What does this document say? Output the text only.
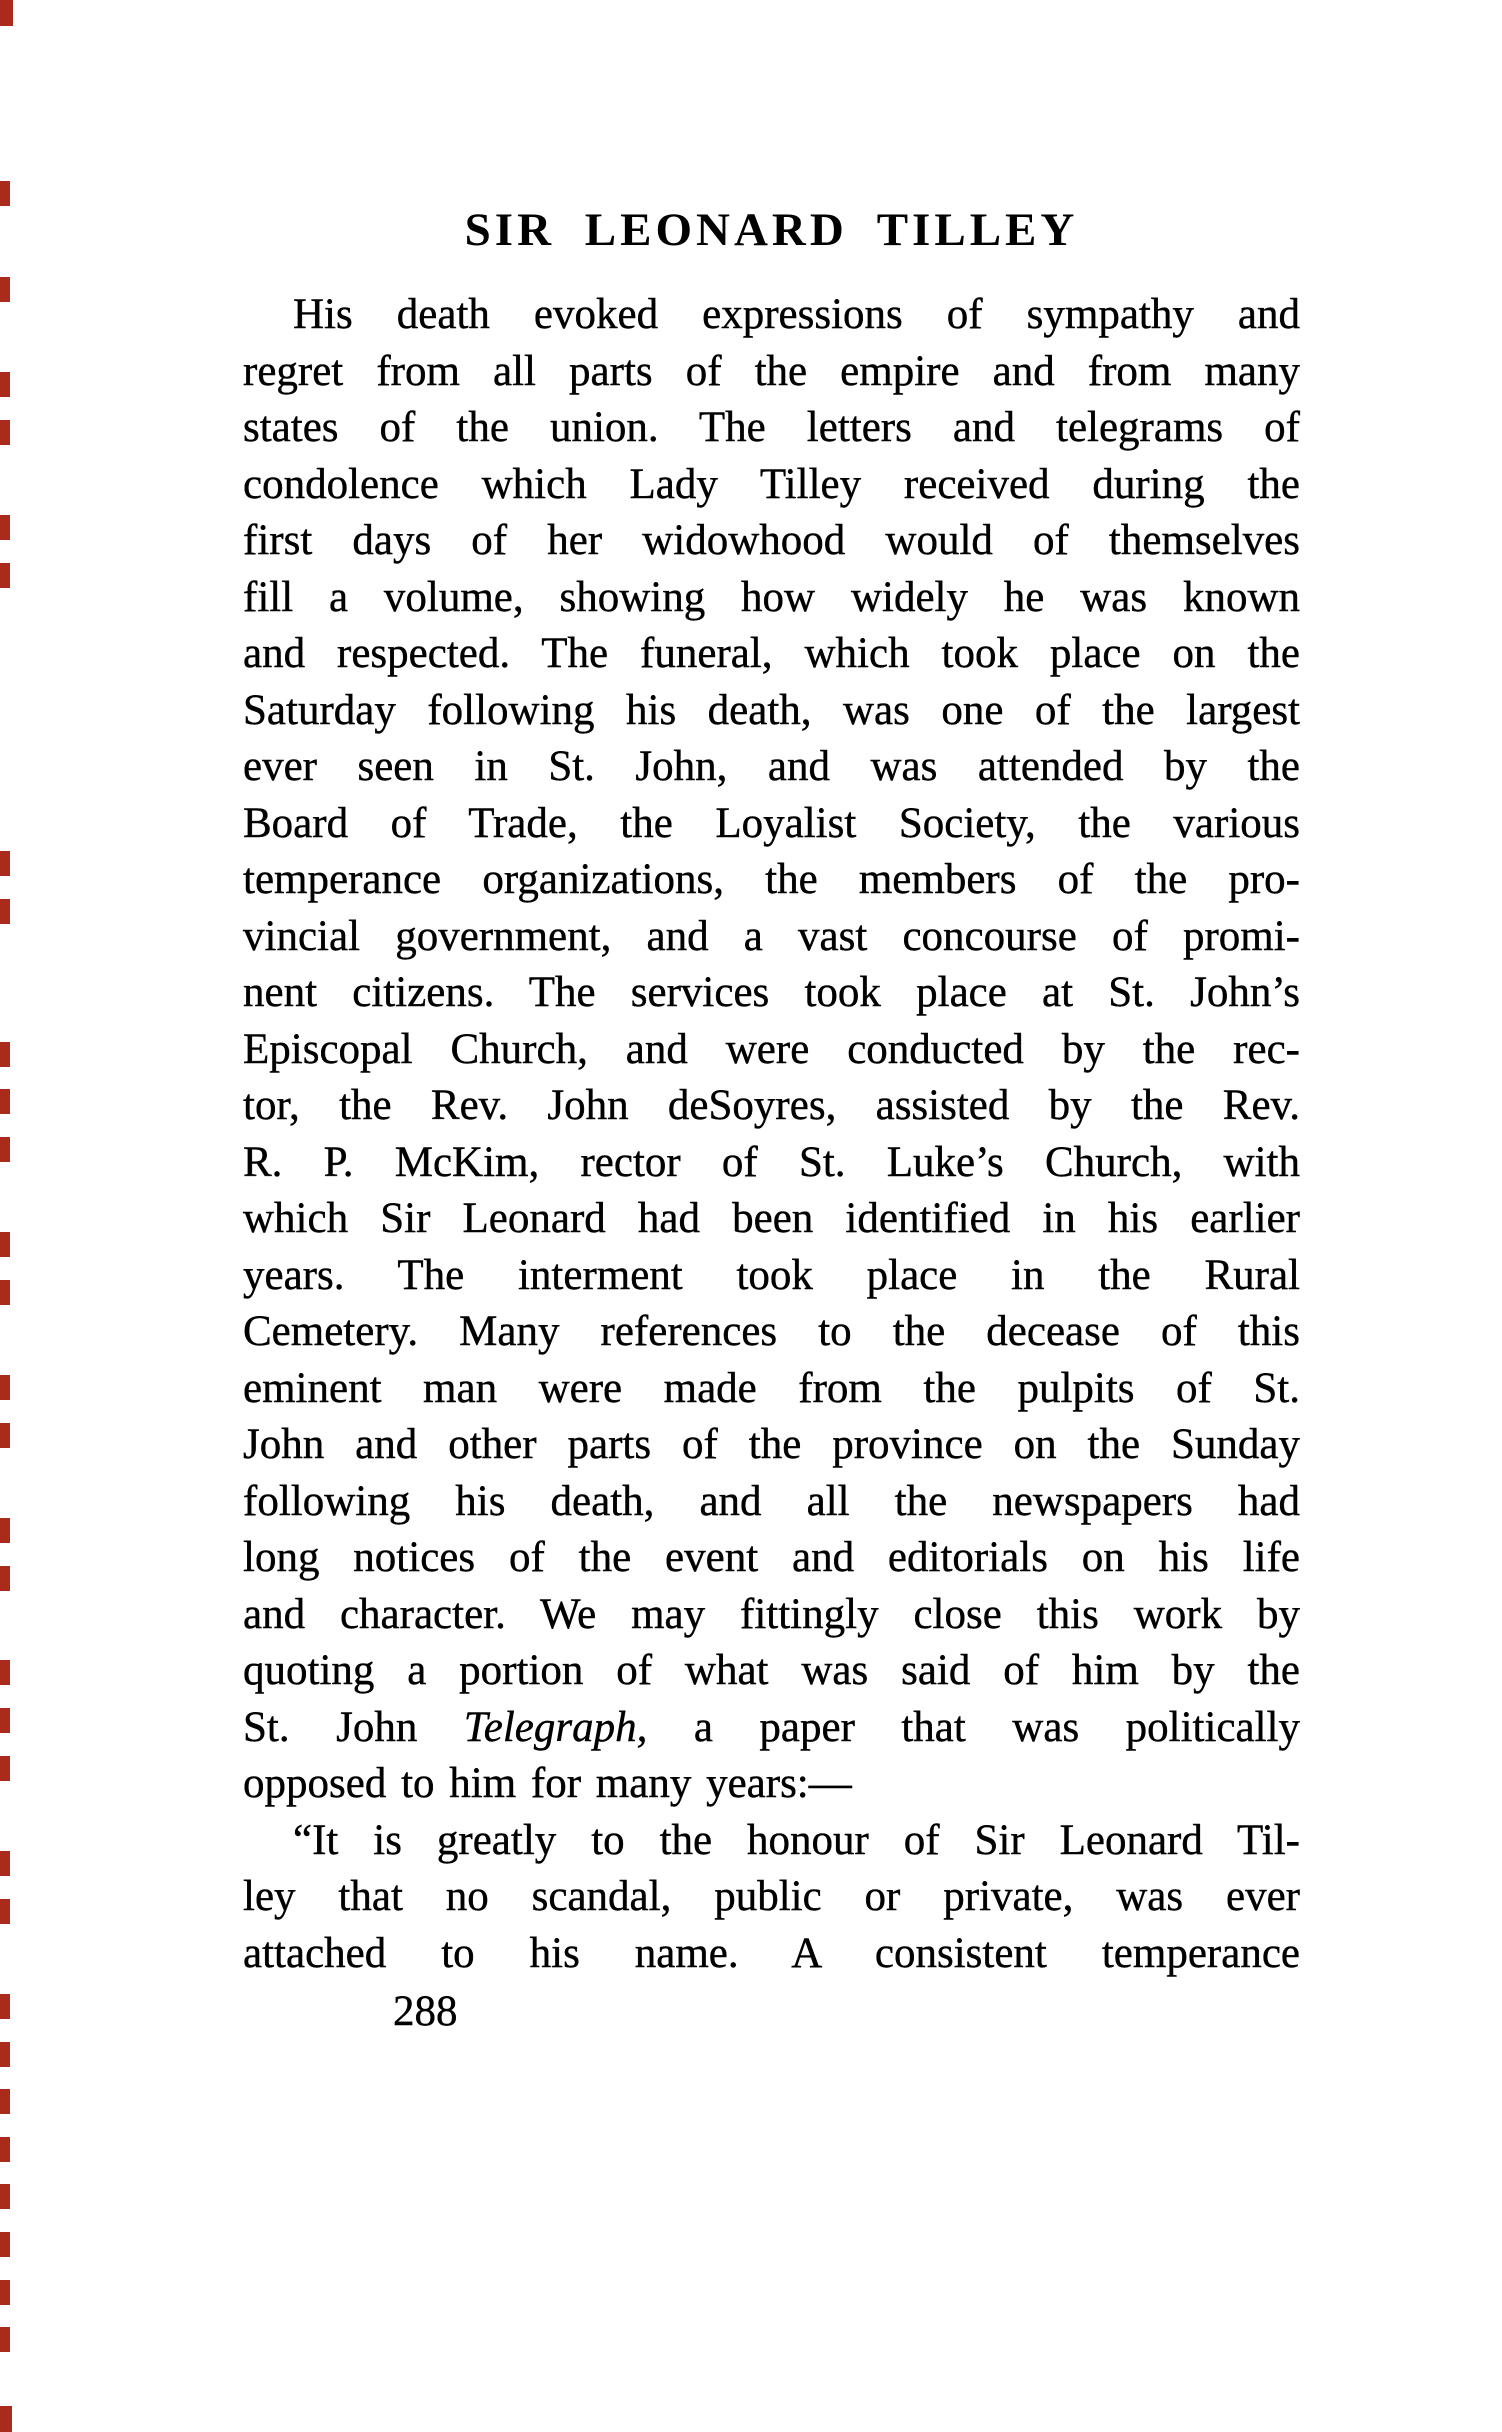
SIR LEONARD TILLEY
His death evoked expressions of sympathy and
regret from all parts of the empire and from many
states of the union. The letters and telegrams of
condolence which Lady Tilley received during the
first days of her widowhood would of themselves
fill a volume, showing how widely he was known
and respected. The funeral, which took place on the
Saturday following his death, was one of the largest
ever seen in St. John, and was attended by the
Board of Trade, the Loyalist Society, the various
temperance organizations, the members of the pro-
vincial government, and a vast concourse of promi-
nent citizens. The services took place at St. John’s
Episcopal Church, and were conducted by the rec-
tor, the Rev. John deSoyres, assisted by the Rev.
R. P. McKim, rector of St. Luke’s Church, with
which Sir Leonard had been identified in his earlier
years. The interment took place in the Rural
Cemetery. Many references to the decease of this
eminent man were made from the pulpits of St.
John and other parts of the province on the Sunday
following his death, and all the newspapers had
long notices of the event and editorials on his life
and character. We may fittingly close this work by
quoting a portion of what was said of him by the
St. John Telegraph, a paper that was politically
opposed to him for many years:—
“It is greatly to the honour of Sir Leonard Til-
ley that no scandal, public or private, was ever
attached to his name. A consistent temperance
288
